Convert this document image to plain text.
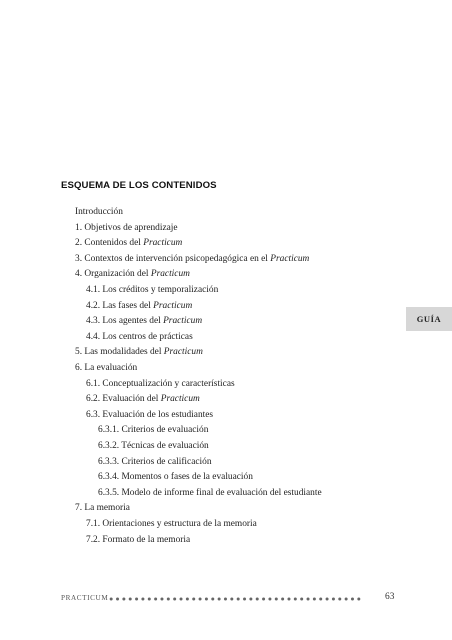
ESQUEMA DE LOS CONTENIDOS
Introducción
1. Objetivos de aprendizaje
2. Contenidos del Practicum
3. Contextos de intervención psicopedagógica en el Practicum
4. Organización del Practicum
4.1. Los créditos y temporalización
4.2. Las fases del Practicum
4.3. Los agentes del Practicum
4.4. Los centros de prácticas
5. Las modalidades del Practicum
6. La evaluación
6.1. Conceptualización y características
6.2. Evaluación del Practicum
6.3. Evaluación de los estudiantes
6.3.1. Criterios de evaluación
6.3.2. Técnicas de evaluación
6.3.3. Criterios de calificación
6.3.4. Momentos o fases de la evaluación
6.3.5. Modelo de informe final de evaluación del estudiante
7. La memoria
7.1. Orientaciones y estructura de la memoria
7.2. Formato de la memoria
GUÍA
PRACTICUM	63
